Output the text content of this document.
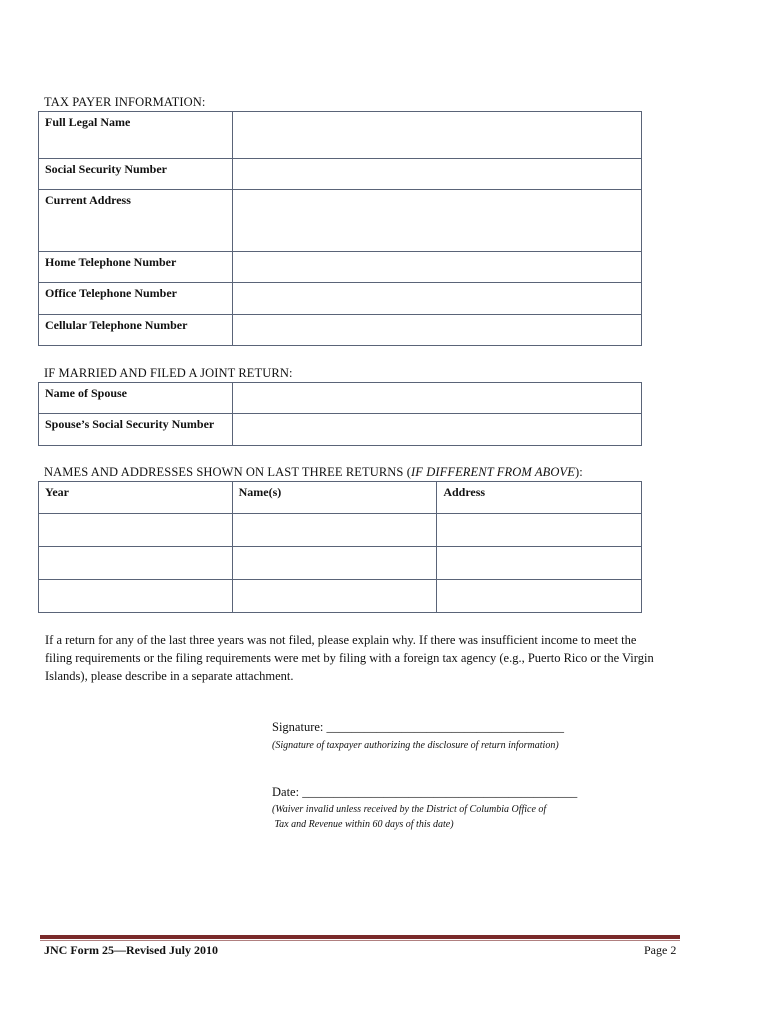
TAX PAYER INFORMATION:
Full Legal Name	
Social Security Number	
Current Address	
Home Telephone Number	
Office Telephone Number	
Cellular Telephone Number	
IF MARRIED AND FILED A JOINT RETURN:
Name of Spouse	
Spouse’s Social Security Number	
NAMES AND ADDRESSES SHOWN ON LAST THREE RETURNS (IF DIFFERENT FROM ABOVE):
Year	Name(s)	Address

If a return for any of the last three years was not filed, please explain why. If there was insufficient income to meet the filing requirements or the filing requirements were met by filing with a foreign tax agency (e.g., Puerto Rico or the Virgin Islands), please describe in a separate attachment.
Signature: ______________________________________
(Signature of taxpayer authorizing the disclosure of return information)
Date: ____________________________________________
(Waiver invalid unless received by the District of Columbia Office of
Tax and Revenue within 60 days of this date)
JNC Form 25—Revised July 2010	Page 2
